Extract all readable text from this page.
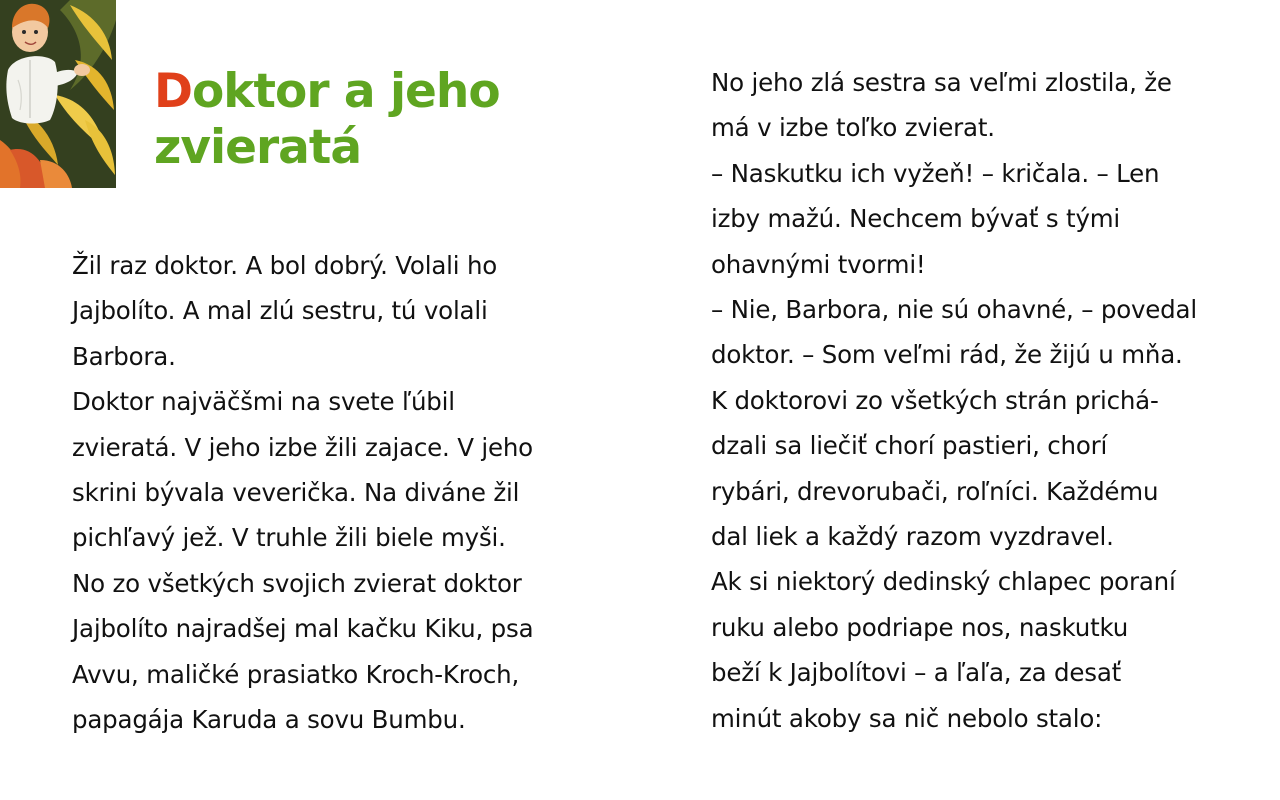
Doktor a jeho
zvieratá
Žil raz doktor. A bol dobrý. Volali ho
Jajbolíto. A mal zlú sestru, tú volali
Barbora.
Doktor najväčšmi na svete ľúbil
zvieratá. V jeho izbe žili zajace. V jeho
skrini bývala veverička. Na diváne žil
pichľavý jež. V truhle žili biele myši.
No zo všetkých svojich zvierat doktor
Jajbolíto najradšej mal kačku Kiku, psa
Avvu, maličké prasiatko Kroch-Kroch,
papagája Karuda a sovu Bumbu.
No jeho zlá sestra sa veľmi zlostila, že
má v izbe toľko zvierat.
– Naskutku ich vyžeň! – kričala. – Len
izby mažú. Nechcem bývať s tými
ohavnými tvormi!
– Nie, Barbora, nie sú ohavné, – povedal
doktor. – Som veľmi rád, že žijú u mňa.
K doktorovi zo všetkých strán prichá-
dzali sa liečiť chorí pastieri, chorí
rybári, drevorubači, roľníci. Každému
dal liek a každý razom vyzdravel.
Ak si niektorý dedinský chlapec poraní
ruku alebo podriape nos, naskutku
beží k Jajbolítovi – a ľaľa, za desať
minút akoby sa nič nebolo stalo:
